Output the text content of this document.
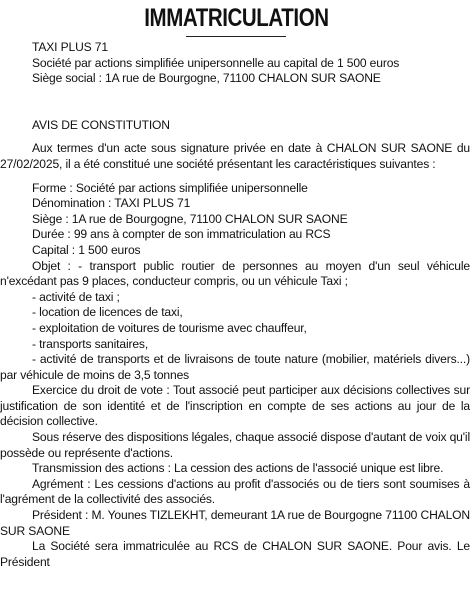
IMMATRICULATION
TAXI PLUS 71
Société par actions simplifiée unipersonnelle au capital de 1 500 euros
Siège social : 1A rue de Bourgogne, 71100 CHALON SUR SAONE
AVIS DE CONSTITUTION

Aux termes d'un acte sous signature privée en date à CHALON SUR SAONE du 27/02/2025, il a été constitué une société présentant les caractéristiques suivantes :

Forme : Société par actions simplifiée unipersonnelle
Dénomination : TAXI PLUS 71
Siège : 1A rue de Bourgogne, 71100 CHALON SUR SAONE
Durée : 99 ans à compter de son immatriculation au RCS
Capital : 1 500 euros

Objet : - transport public routier de personnes au moyen d'un seul véhicule n'excédant pas 9 places, conducteur compris, ou un véhicule Taxi ;

- activité de taxi ;
- location de licences de taxi,
- exploitation de voitures de tourisme avec chauffeur,
- transports sanitaires,

- activité de transports et de livraisons de toute nature (mobilier, matériels divers...) par véhicule de moins de 3,5 tonnes

Exercice du droit de vote : Tout associé peut participer aux décisions collectives sur justification de son identité et de l'inscription en compte de ses actions au jour de la décision collective.

Sous réserve des dispositions légales, chaque associé dispose d'autant de voix qu'il possède ou représente d'actions.

Transmission des actions : La cession des actions de l'associé unique est libre.

Agrément : Les cessions d'actions au profit d'associés ou de tiers sont soumises à l'agrément de la collectivité des associés.

Président : M. Younes TIZLEKHT, demeurant 1A rue de Bourgogne 71100 CHALON SUR SAONE

La Société sera immatriculée au RCS de CHALON SUR SAONE. Pour avis. Le Président
